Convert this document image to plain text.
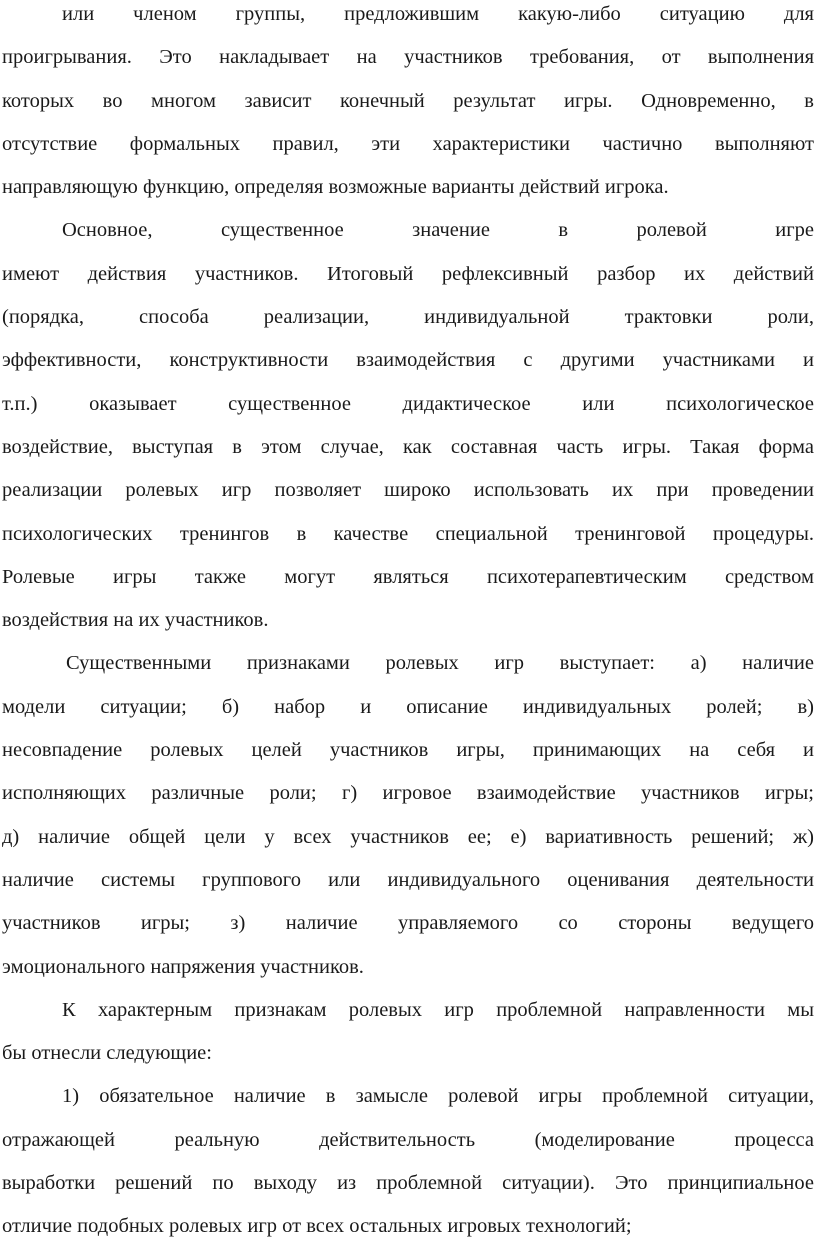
или членом группы, предложившим какую-либо ситуацию для
проигрывания. Это накладывает на участников требования, от выполнения
которых во многом зависит конечный результат игры. Одновременно, в
отсутствие формальных правил, эти характеристики частично выполняют
направляющую функцию, определяя возможные варианты действий игрока.
Основное, существенное значение в ролевой игре
имеют действия участников. Итоговый рефлексивный разбор их действий
(порядка, способа реализации, индивидуальной трактовки роли,
эффективности, конструктивности взаимодействия с другими участниками и
т.п.) оказывает существенное дидактическое или психологическое
воздействие, выступая в этом случае, как составная часть игры. Такая форма
реализации ролевых игр позволяет широко использовать их при проведении
психологических тренингов в качестве специальной тренинговой процедуры.
Ролевые игры также могут являться психотерапевтическим средством
воздействия на их участников.
Существенными признаками ролевых игр выступает: а) наличие
модели ситуации; б) набор и описание индивидуальных ролей; в)
несовпадение ролевых целей участников игры, принимающих на себя и
исполняющих различные роли; г) игровое взаимодействие участников игры;
д) наличие общей цели у всех участников ее; е) вариативность решений; ж)
наличие системы группового или индивидуального оценивания деятельности
участников игры; з) наличие управляемого со стороны ведущего
эмоционального напряжения участников.
К характерным признакам ролевых игр проблемной направленности мы
бы отнесли следующие:
1) обязательное наличие в замысле ролевой игры проблемной ситуации,
отражающей реальную действительность (моделирование процесса
выработки решений по выходу из проблемной ситуации). Это принципиальное
отличие подобных ролевых игр от всех остальных игровых технологий;
